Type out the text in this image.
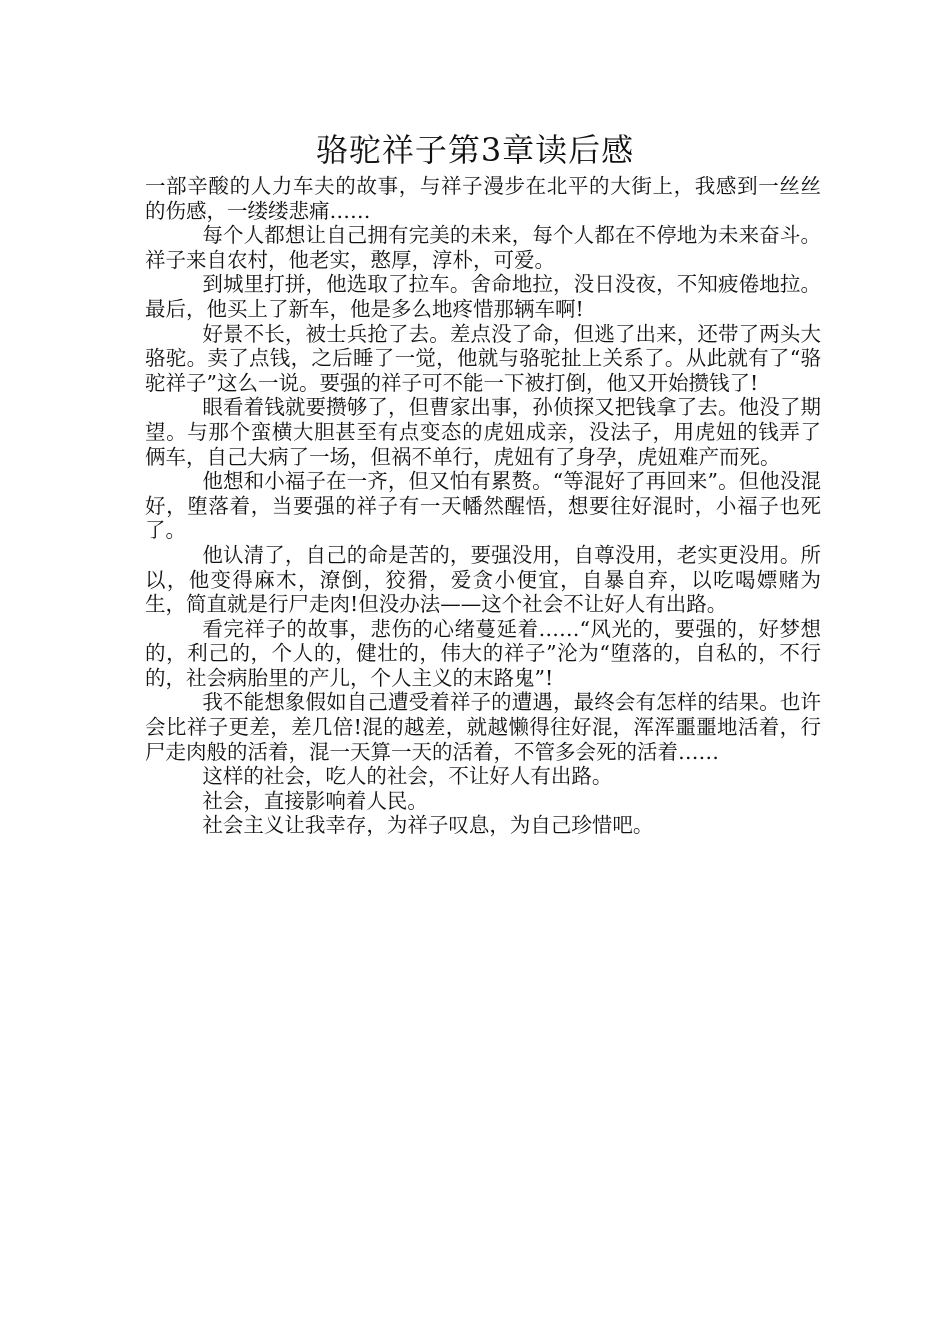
骆驼祥子第3章读后感

一部辛酸的人力车夫的故事，与祥子漫步在北平的大街上，我感到一丝丝的伤感，一缕缕悲痛……

每个人都想让自己拥有完美的未来，每个人都在不停地为未来奋斗。祥子来自农村，他老实，憨厚，淳朴，可爱。

到城里打拼，他选取了拉车。舍命地拉，没日没夜，不知疲倦地拉。最后，他买上了新车，他是多么地疼惜那辆车啊!

好景不长，被士兵抢了去。差点没了命，但逃了出来，还带了两头大骆驼。卖了点钱，之后睡了一觉，他就与骆驼扯上关系了。从此就有了“骆驼祥子”这么一说。要强的祥子可不能一下被打倒，他又开始攒钱了!

眼看着钱就要攒够了，但曹家出事，孙侦探又把钱拿了去。他没了期望。与那个蛮横大胆甚至有点变态的虎妞成亲，没法子，用虎妞的钱弄了俩车，自己大病了一场，但祸不单行，虎妞有了身孕，虎妞难产而死。

他想和小福子在一齐，但又怕有累赘。“等混好了再回来”。但他没混好，堕落着，当要强的祥子有一天幡然醒悟，想要往好混时，小福子也死了。

他认清了，自己的命是苦的，要强没用，自尊没用，老实更没用。所以，他变得麻木，潦倒，狡猾，爱贪小便宜，自暴自弃，以吃喝嫖赌为生，简直就是行尸走肉!但没办法——这个社会不让好人有出路。

看完祥子的故事，悲伤的心绪蔓延着……“风光的，要强的，好梦想的，利己的，个人的，健壮的，伟大的祥子”沦为“堕落的，自私的，不行的，社会病胎里的产儿，个人主义的末路鬼”!

我不能想象假如自己遭受着祥子的遭遇，最终会有怎样的结果。也许会比祥子更差，差几倍!混的越差，就越懒得往好混，浑浑噩噩地活着，行尸走肉般的活着，混一天算一天的活着，不管多会死的活着……

这样的社会，吃人的社会，不让好人有出路。

社会，直接影响着人民。

社会主义让我幸存，为祥子叹息，为自己珍惜吧。
